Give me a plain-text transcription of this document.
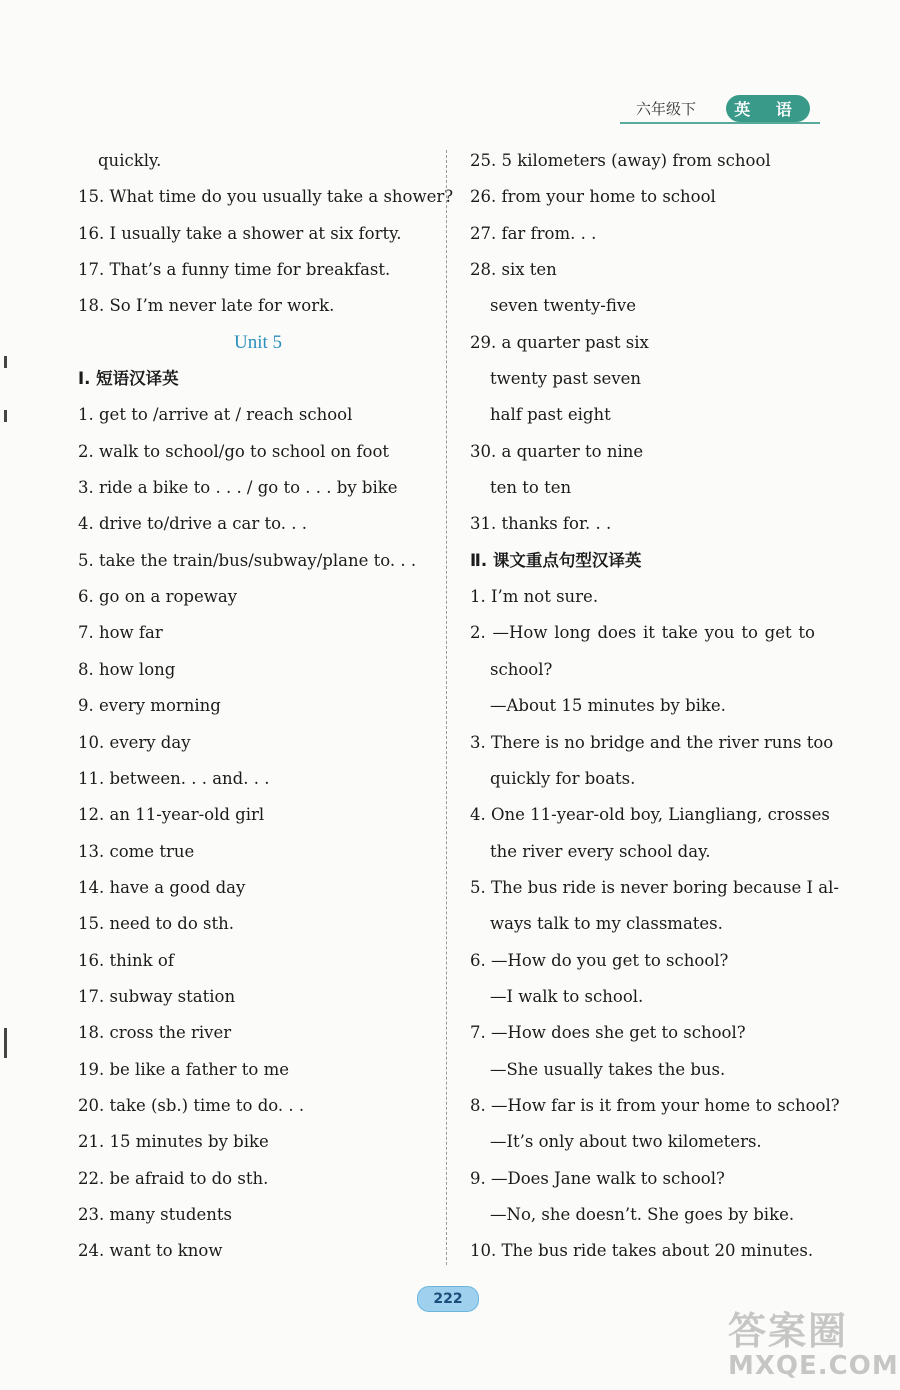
六年级下	英 语
quickly.
15. What time do you usually take a shower?
16. I usually take a shower at six forty.
17. That’s a funny time for breakfast.
18. So I’m never late for work.
Unit 5
Ⅰ. 短语汉译英
1. get to /arrive at / reach school
2. walk to school/go to school on foot
3. ride a bike to . . . / go to . . . by bike
4. drive to/drive a car to. . .
5. take the train/bus/subway/plane to. . .
6. go on a ropeway
7. how far
8. how long
9. every morning
10. every day
11. between. . . and. . .
12. an 11-year-old girl
13. come true
14. have a good day
15. need to do sth.
16. think of
17. subway station
18. cross the river
19. be like a father to me
20. take (sb.) time to do. . .
21. 15 minutes by bike
22. be afraid to do sth.
23. many students
24. want to know
25. 5 kilometers (away) from school
26. from your home to school
27. far from. . .
28. six ten
seven twenty-five
29. a quarter past six
twenty past seven
half past eight
30. a quarter to nine
ten to ten
31. thanks for. . .
Ⅱ. 课文重点句型汉译英
1. I’m not sure.
2. —How long does it take you to get to
school?
—About 15 minutes by bike.
3. There is no bridge and the river runs too
quickly for boats.
4. One 11-year-old boy, Liangliang, crosses
the river every school day.
5. The bus ride is never boring because I al-
ways talk to my classmates.
6. —How do you get to school?
—I walk to school.
7. —How does she get to school?
—She usually takes the bus.
8. —How far is it from your home to school?
—It’s only about two kilometers.
9. —Does Jane walk to school?
—No, she doesn’t. She goes by bike.
10. The bus ride takes about 20 minutes.
222
答案圈
MXQE.COM
